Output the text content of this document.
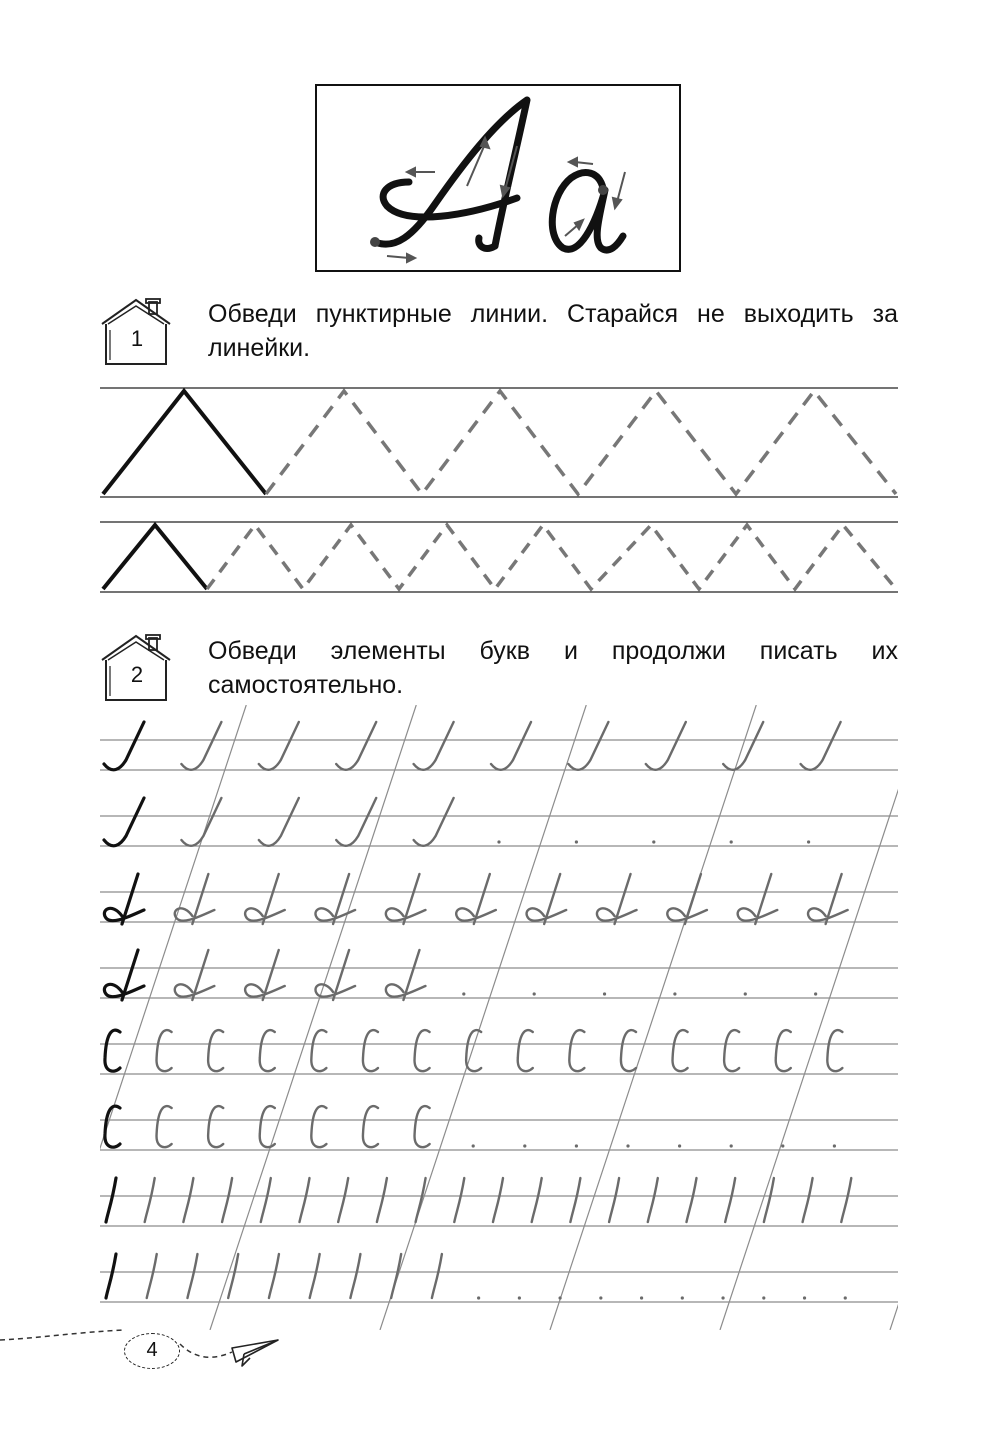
1
Обведи пунктирные линии. Старайся не выходить за линейки.
2
Обведи элементы букв и продолжи писать их самостоятельно.
4
